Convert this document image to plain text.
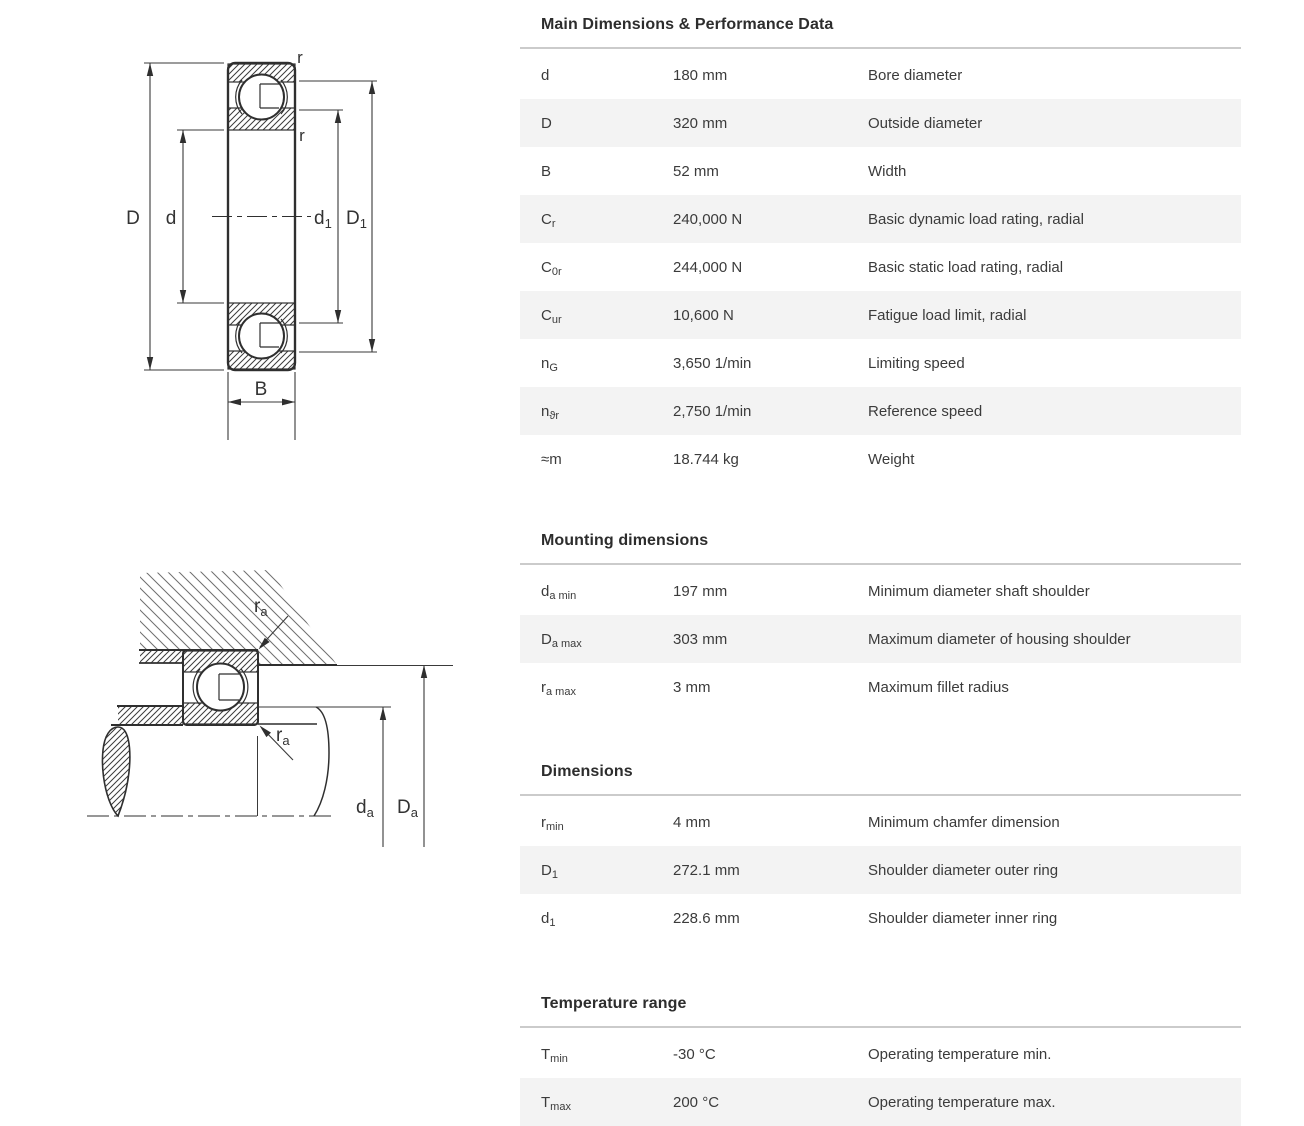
D d	$d_1$ $D_1$
B
r
r
$r_a$
$r_a$
$d_a$ $D_a$
Main Dimensions & Performance Data
d	180 mm	Bore diameter
D	320 mm	Outside diameter
B	52 mm	Width
$C_r$	240,000 N	Basic dynamic load rating, radial
$C_{0r}$	244,000 N	Basic static load rating, radial
$C_{ur}$	10,600 N	Fatigue load limit, radial
$n_G$	3,650 1/min	Limiting speed
$n_{ϑr}$	2,750 1/min	Reference speed
≈m	18.744 kg	Weight
Mounting dimensions
$d_{a min}$	197 mm	Minimum diameter shaft shoulder
$D_{a max}$	303 mm	Maximum diameter of housing shoulder
$r_{a max}$	3 mm	Maximum fillet radius
Dimensions
$r_{min}$	4 mm	Minimum chamfer dimension
$D_1$	272.1 mm	Shoulder diameter outer ring
$d_1$	228.6 mm	Shoulder diameter inner ring
Temperature range
$T_{min}$	-30 °C	Operating temperature min.
$T_{max}$	200 °C	Operating temperature max.
